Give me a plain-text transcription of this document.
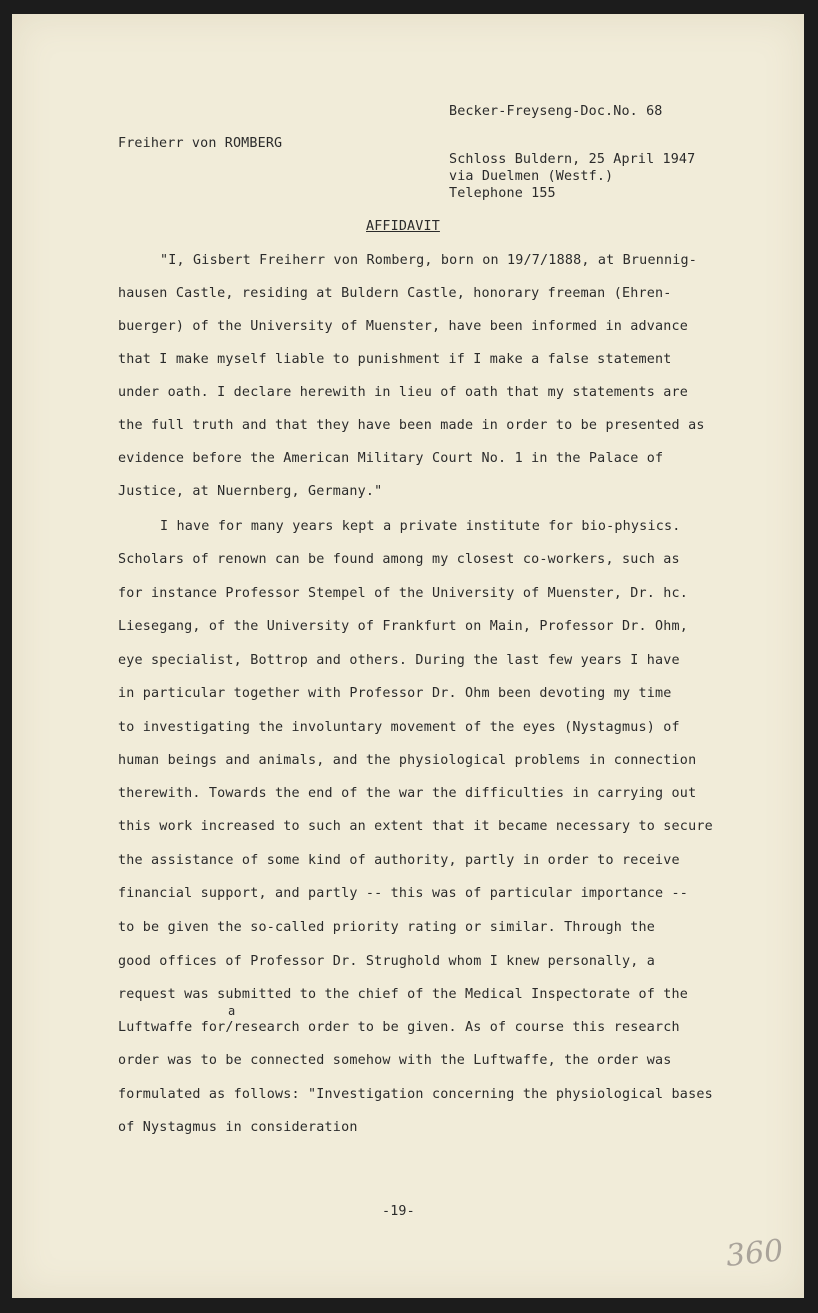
Becker-Freyseng-Doc.No. 68
Freiherr von ROMBERG
Schloss Buldern, 25 April 1947
via Duelmen (Westf.)
Telephone 155
AFFIDAVIT
"I, Gisbert Freiherr von Romberg, born on 19/7/1888, at Bruennig-
hausen Castle, residing at Buldern Castle, honorary freeman (Ehren-
buerger) of the University of Muenster, have been informed in advance
that I make myself liable to punishment if I make a false statement
under oath. I declare herewith in lieu of oath that my statements are
the full truth and that they have been made in order to be presented as
evidence before the American Military Court No. 1 in the Palace of
Justice, at Nuernberg, Germany."
I have for many years kept a private institute for bio-physics.
Scholars of renown can be found among my closest co-workers, such as
for instance Professor Stempel of the University of Muenster, Dr. hc.
Liesegang, of the University of Frankfurt on Main, Professor Dr. Ohm,
eye specialist, Bottrop and others. During the last few years I have
in particular together with Professor Dr. Ohm been devoting my time
to investigating the involuntary movement of the eyes (Nystagmus) of
human beings and animals, and the physiological problems in connection
therewith. Towards the end of the war the difficulties in carrying out
this work increased to such an extent that it became necessary to secure
the assistance of some kind of authority, partly in order to receive
financial support, and partly -- this was of particular importance --
to be given the so-called priority rating or similar. Through the
good offices of Professor Dr. Strughold whom I knew personally, a
request was submitted to the chief of the Medical Inspectorate of the
a
Luftwaffe for/research order to be given. As of course this research
order was to be connected somehow with the Luftwaffe, the order was
formulated as follows: "Investigation concerning the physiological bases
of Nystagmus in consideration
-19-
360
